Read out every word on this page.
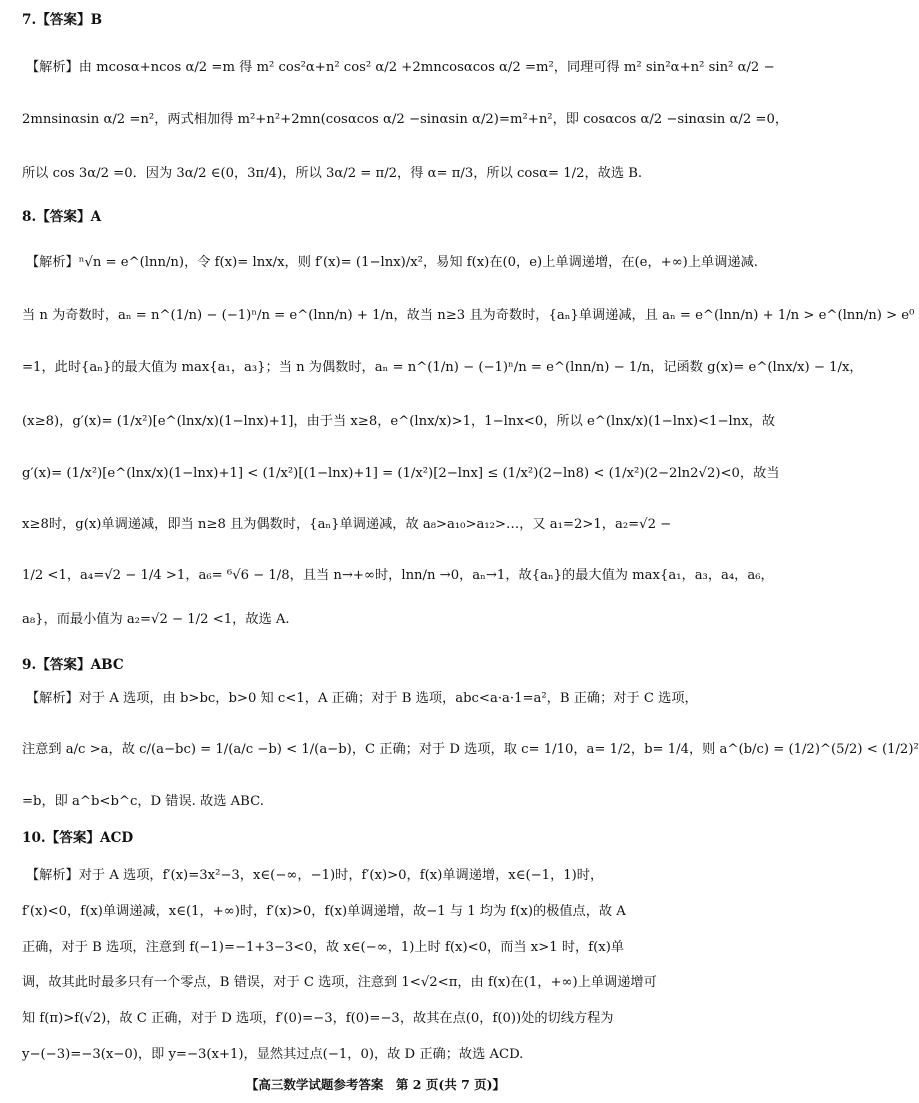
7.【答案】B
【解析】由 mcosα+ncos α/2 =m 得 m² cos²α+n² cos² α/2 +2mncosαcos α/2 =m²，同理可得 m² sin²α+n² sin² α/2 −
2mnsinαsin α/2 =n²，两式相加得 m²+n²+2mn(cosαcos α/2 −sinαsin α/2)=m²+n²，即 cosαcos α/2 −sinαsin α/2 =0，
所以 cos 3α/2 =0．因为 3α/2 ∈(0，3π/4)，所以 3α/2 = π/2，得 α= π/3，所以 cosα= 1/2，故选 B.
8.【答案】A
【解析】ⁿ√n = e^(lnn/n)，令 f(x)= lnx/x，则 f′(x)= (1−lnx)/x²，易知 f(x)在(0，e)上单调递增，在(e，+∞)上单调递减.
当 n 为奇数时，aₙ = n^(1/n) − (−1)ⁿ/n = e^(lnn/n) + 1/n，故当 n≥3 且为奇数时，{aₙ}单调递减，且 aₙ = e^(lnn/n) + 1/n > e^(lnn/n) > e⁰
=1，此时{aₙ}的最大值为 max{a₁，a₃}；当 n 为偶数时，aₙ = n^(1/n) − (−1)ⁿ/n = e^(lnn/n) − 1/n，记函数 g(x)= e^(lnx/x) − 1/x，
(x≥8)，g′(x)= (1/x²)[e^(lnx/x)(1−lnx)+1]，由于当 x≥8，e^(lnx/x)>1，1−lnx<0，所以 e^(lnx/x)(1−lnx)<1−lnx，故
g′(x)= (1/x²)[e^(lnx/x)(1−lnx)+1] < (1/x²)[(1−lnx)+1] = (1/x²)[2−lnx] ≤ (1/x²)(2−ln8) < (1/x²)(2−2ln2√2)<0，故当
x≥8时，g(x)单调递减，即当 n≥8 且为偶数时，{aₙ}单调递减，故 a₈>a₁₀>a₁₂>…，又 a₁=2>1，a₂=√2 −
1/2 <1，a₄=√2 − 1/4 >1，a₆= ⁶√6 − 1/8，且当 n→+∞时，lnn/n →0，aₙ→1，故{aₙ}的最大值为 max{a₁，a₃，a₄，a₆，
a₈}，而最小值为 a₂=√2 − 1/2 <1，故选 A.
9.【答案】ABC
【解析】对于 A 选项，由 b>bc，b>0 知 c<1，A 正确；对于 B 选项，abc<a·a·1=a²，B 正确；对于 C 选项，
注意到 a/c >a，故 c/(a−bc) = 1/(a/c −b) < 1/(a−b)，C 正确；对于 D 选项，取 c= 1/10，a= 1/2，b= 1/4，则 a^(b/c) = (1/2)^(5/2) < (1/2)²
=b，即 a^b<b^c，D 错误. 故选 ABC.
10.【答案】ACD
【解析】对于 A 选项，f′(x)=3x²−3，x∈(−∞，−1)时，f′(x)>0，f(x)单调递增，x∈(−1，1)时，
f′(x)<0，f(x)单调递减，x∈(1，+∞)时，f′(x)>0，f(x)单调递增，故−1 与 1 均为 f(x)的极值点，故 A
正确，对于 B 选项，注意到 f(−1)=−1+3−3<0，故 x∈(−∞，1)上时 f(x)<0，而当 x>1 时，f(x)单
调，故其此时最多只有一个零点，B 错误，对于 C 选项，注意到 1<√2<π，由 f(x)在(1，+∞)上单调递增可
知 f(π)>f(√2)，故 C 正确，对于 D 选项，f′(0)=−3，f(0)=−3，故其在点(0，f(0))处的切线方程为
y−(−3)=−3(x−0)，即 y=−3(x+1)，显然其过点(−1，0)，故 D 正确；故选 ACD.
【高三数学试题参考答案　第 2 页(共 7 页)】
